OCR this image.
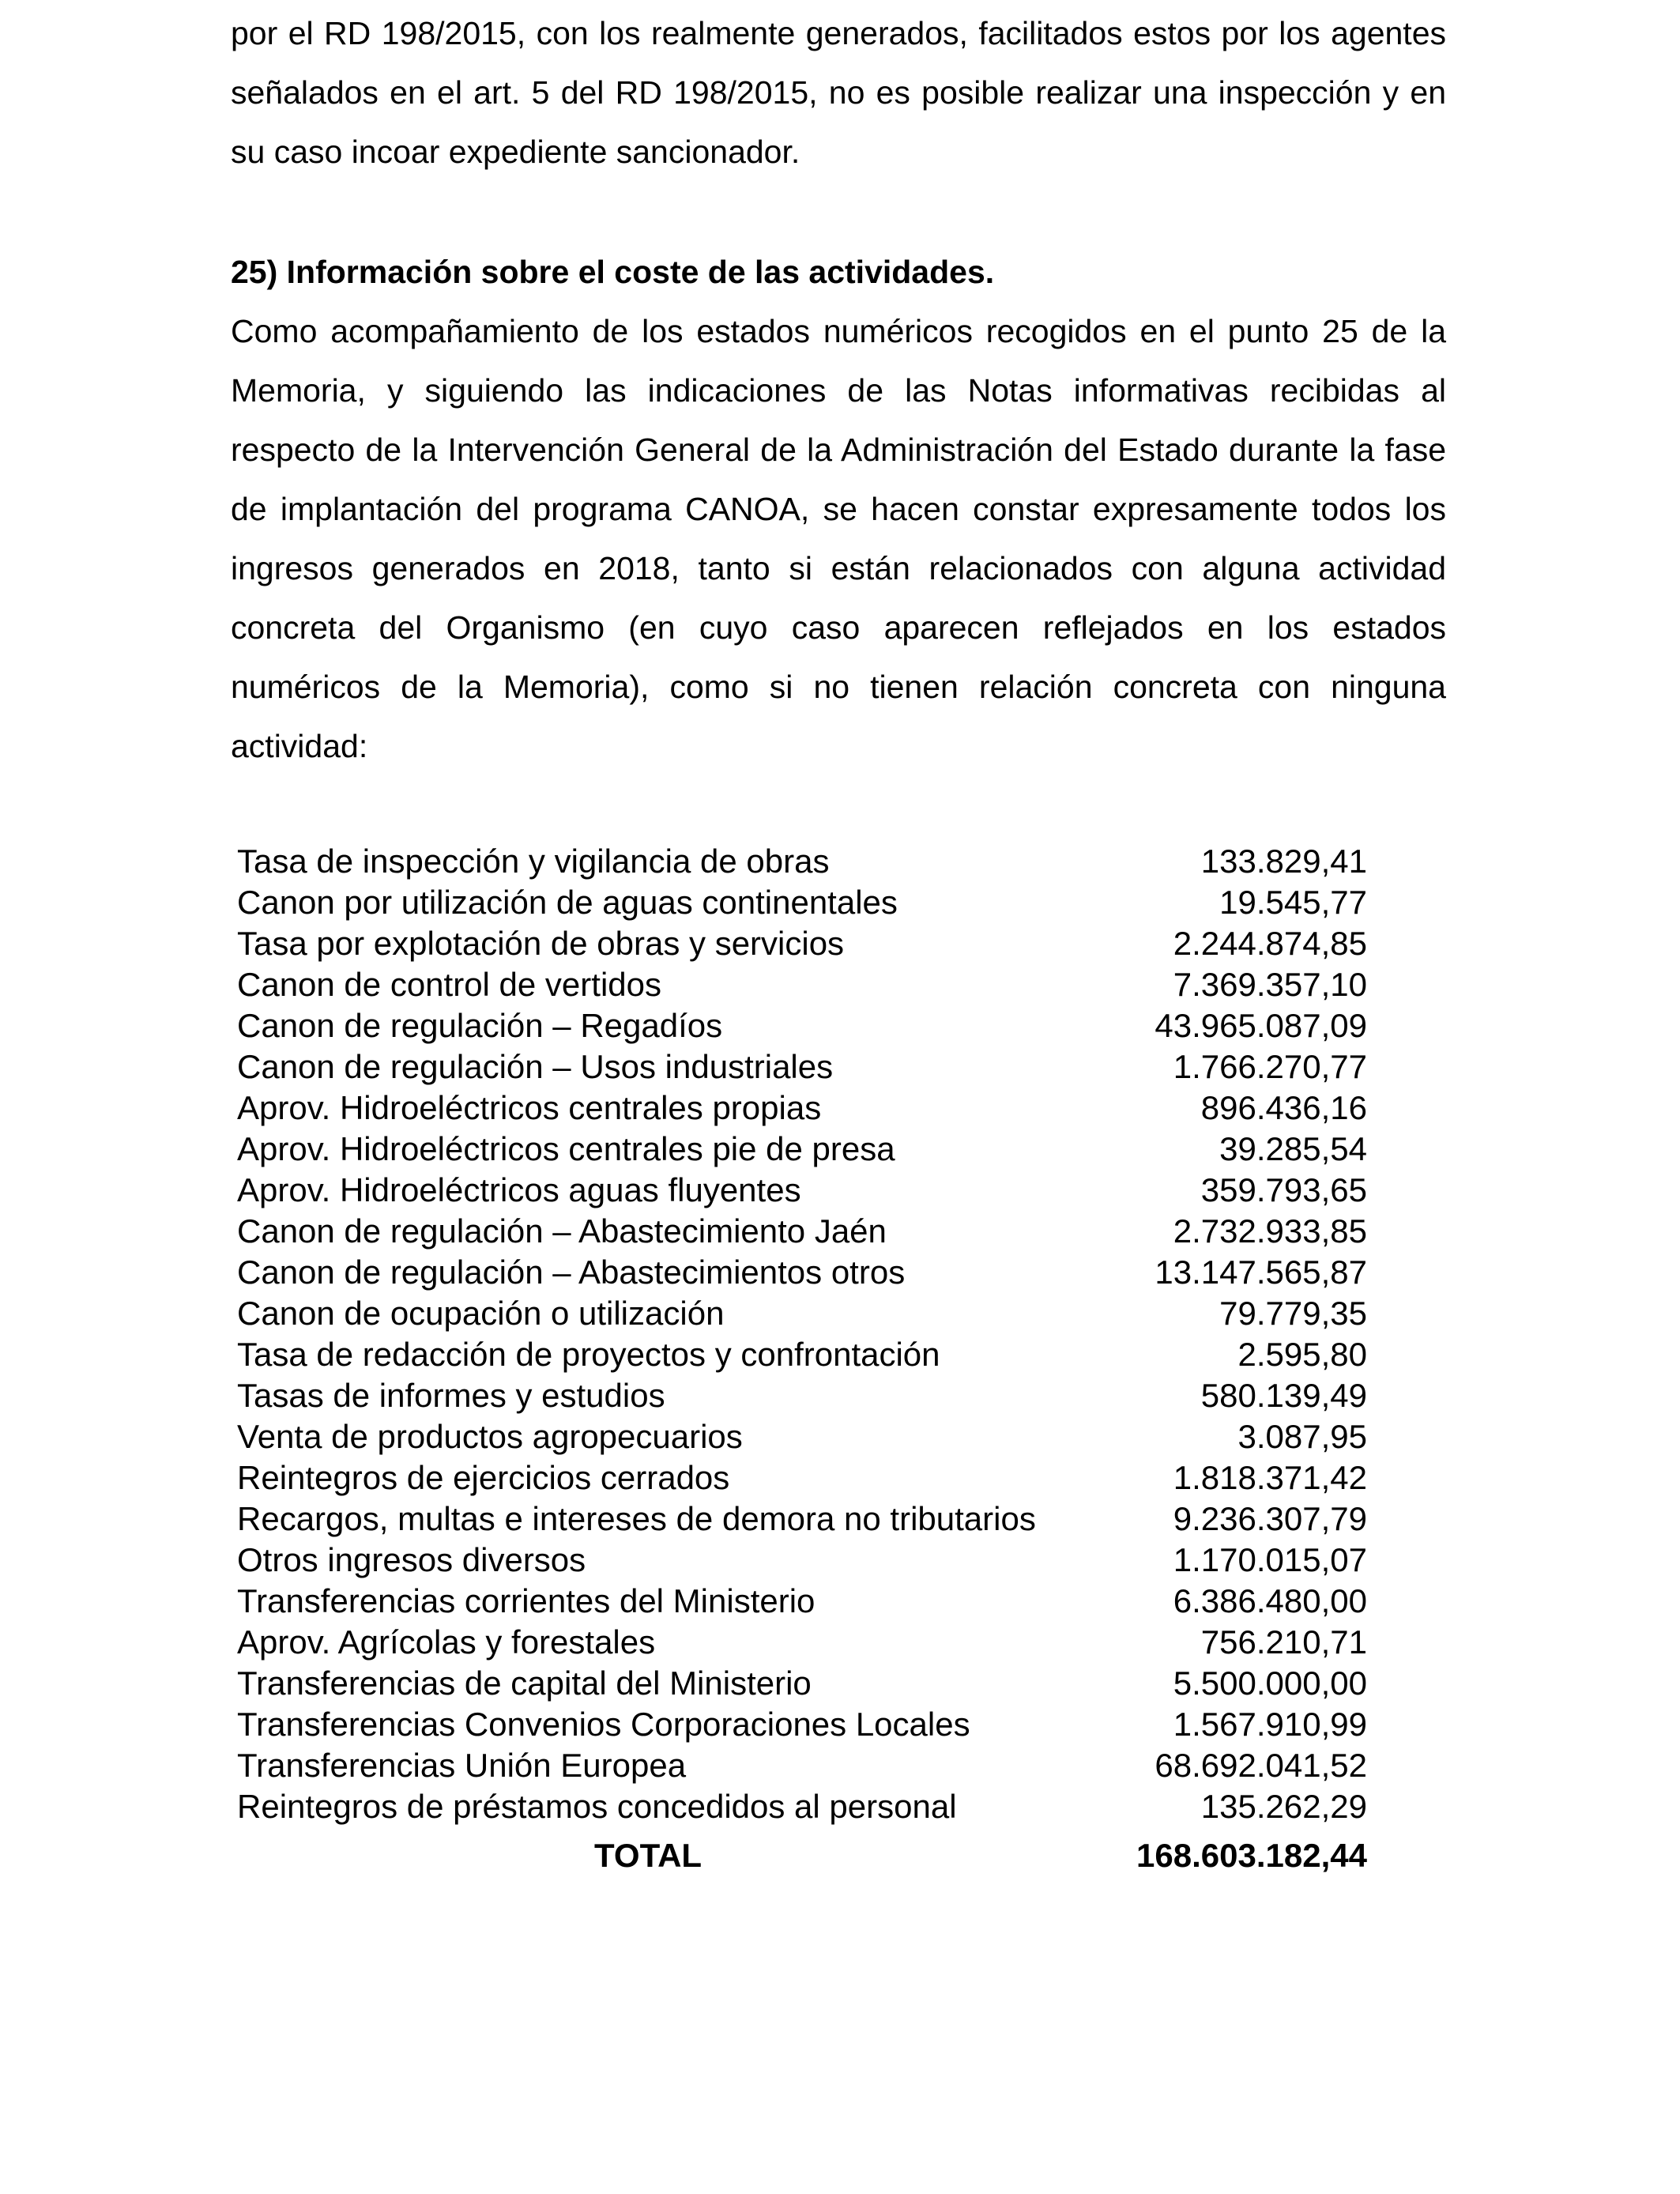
por el RD 198/2015, con los realmente generados, facilitados estos por los agentes señalados en el art. 5 del RD 198/2015, no es posible realizar una inspección y en su caso incoar expediente sancionador.

25) Información sobre el coste de las actividades.

Como acompañamiento de los estados numéricos recogidos en el punto 25 de la Memoria, y siguiendo las indicaciones de las Notas informativas recibidas al respecto de la Intervención General de la Administración del Estado durante la fase de implantación del programa CANOA, se hacen constar expresamente todos los ingresos generados en 2018, tanto si están relacionados con alguna actividad concreta del Organismo (en cuyo caso aparecen reflejados en los estados numéricos de la Memoria), como si no tienen relación concreta con ninguna actividad:

Tasa de inspección y vigilancia de obras	133.829,41
Canon por utilización de aguas continentales	19.545,77
Tasa por explotación de obras y servicios	2.244.874,85
Canon de control de vertidos	7.369.357,10
Canon de regulación – Regadíos	43.965.087,09
Canon de regulación – Usos industriales	1.766.270,77
Aprov. Hidroeléctricos centrales propias	896.436,16
Aprov. Hidroeléctricos centrales pie de presa	39.285,54
Aprov. Hidroeléctricos aguas fluyentes	359.793,65
Canon de regulación – Abastecimiento Jaén	2.732.933,85
Canon de regulación – Abastecimientos otros	13.147.565,87
Canon de ocupación o utilización	79.779,35
Tasa de redacción de proyectos y confrontación	2.595,80
Tasas de informes y estudios	580.139,49
Venta de productos agropecuarios	3.087,95
Reintegros de ejercicios cerrados	1.818.371,42
Recargos, multas e intereses de demora no tributarios	9.236.307,79
Otros ingresos diversos	1.170.015,07
Transferencias corrientes del Ministerio	6.386.480,00
Aprov. Agrícolas y forestales	756.210,71
Transferencias de capital del Ministerio	5.500.000,00
Transferencias Convenios Corporaciones Locales	1.567.910,99
Transferencias Unión Europea	68.692.041,52
Reintegros de préstamos concedidos al personal	135.262,29
TOTAL	168.603.182,44
